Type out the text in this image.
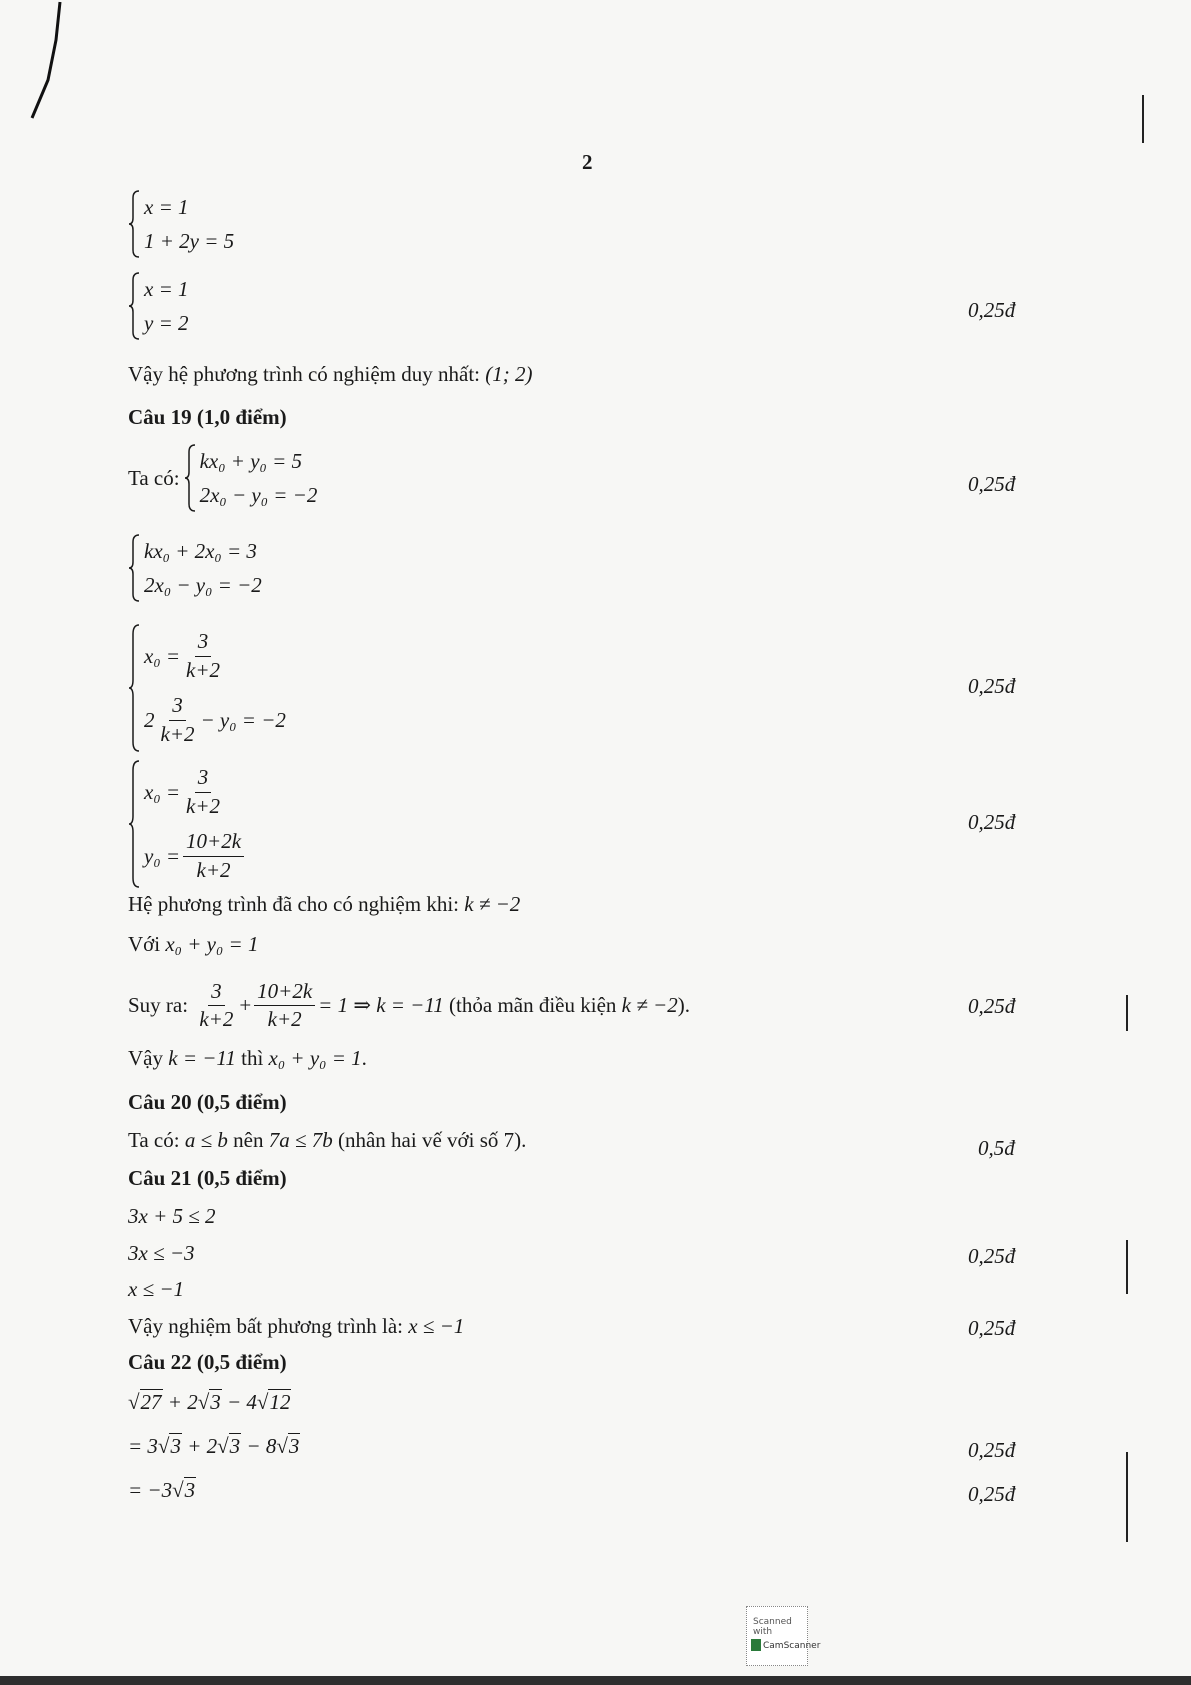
2
x = 1
1 + 2y = 5
x = 1
y = 2
0,25đ
Vậy hệ phương trình có nghiệm duy nhất: (1; 2)
Câu 19 (1,0 điểm)
Ta có:
kx₀ + y₀ = 5
2x₀ − y₀ = −2	0,25đ
kx₀ + 2x₀ = 3
2x₀ − y₀ = −2
$x_0 = \frac{3}{k+2}$
$2 \frac{3}{k+2} - y_0 = -2$
0,25đ
$x_0 = \frac{3}{k+2}$
$y_0 = \frac{10+2k}{k+2}$
0,25đ
Hệ phương trình đã cho có nghiệm khi: k ≠ −2
Với x₀ + y₀ = 1
Suy ra:
$\frac{3}{k+2} + \frac{10+2k}{k+2} = 1$ ⇒ k = −11
(thỏa mãn điều kiện
k ≠ −2 ).	0,25đ
Vậy k = −11 thì x₀ + y₀ = 1.
Câu 20 (0,5 điểm)
Ta có: a ≤ b nên 7a ≤ 7b (nhân hai vế với số 7).	0,5đ
Câu 21 (0,5 điểm)
3x + 5 ≤ 2
3x ≤ −3	0,25đ
x ≤ −1
Vậy nghiệm bất phương trình là: x ≤ −1	0,25đ
Câu 22 (0,5 điểm)
√27 + 2√3 − 4√12
= 3√3 + 2√3 − 8√3	0,25đ
= −3√3	0,25đ
Scanned with
CamScanner
